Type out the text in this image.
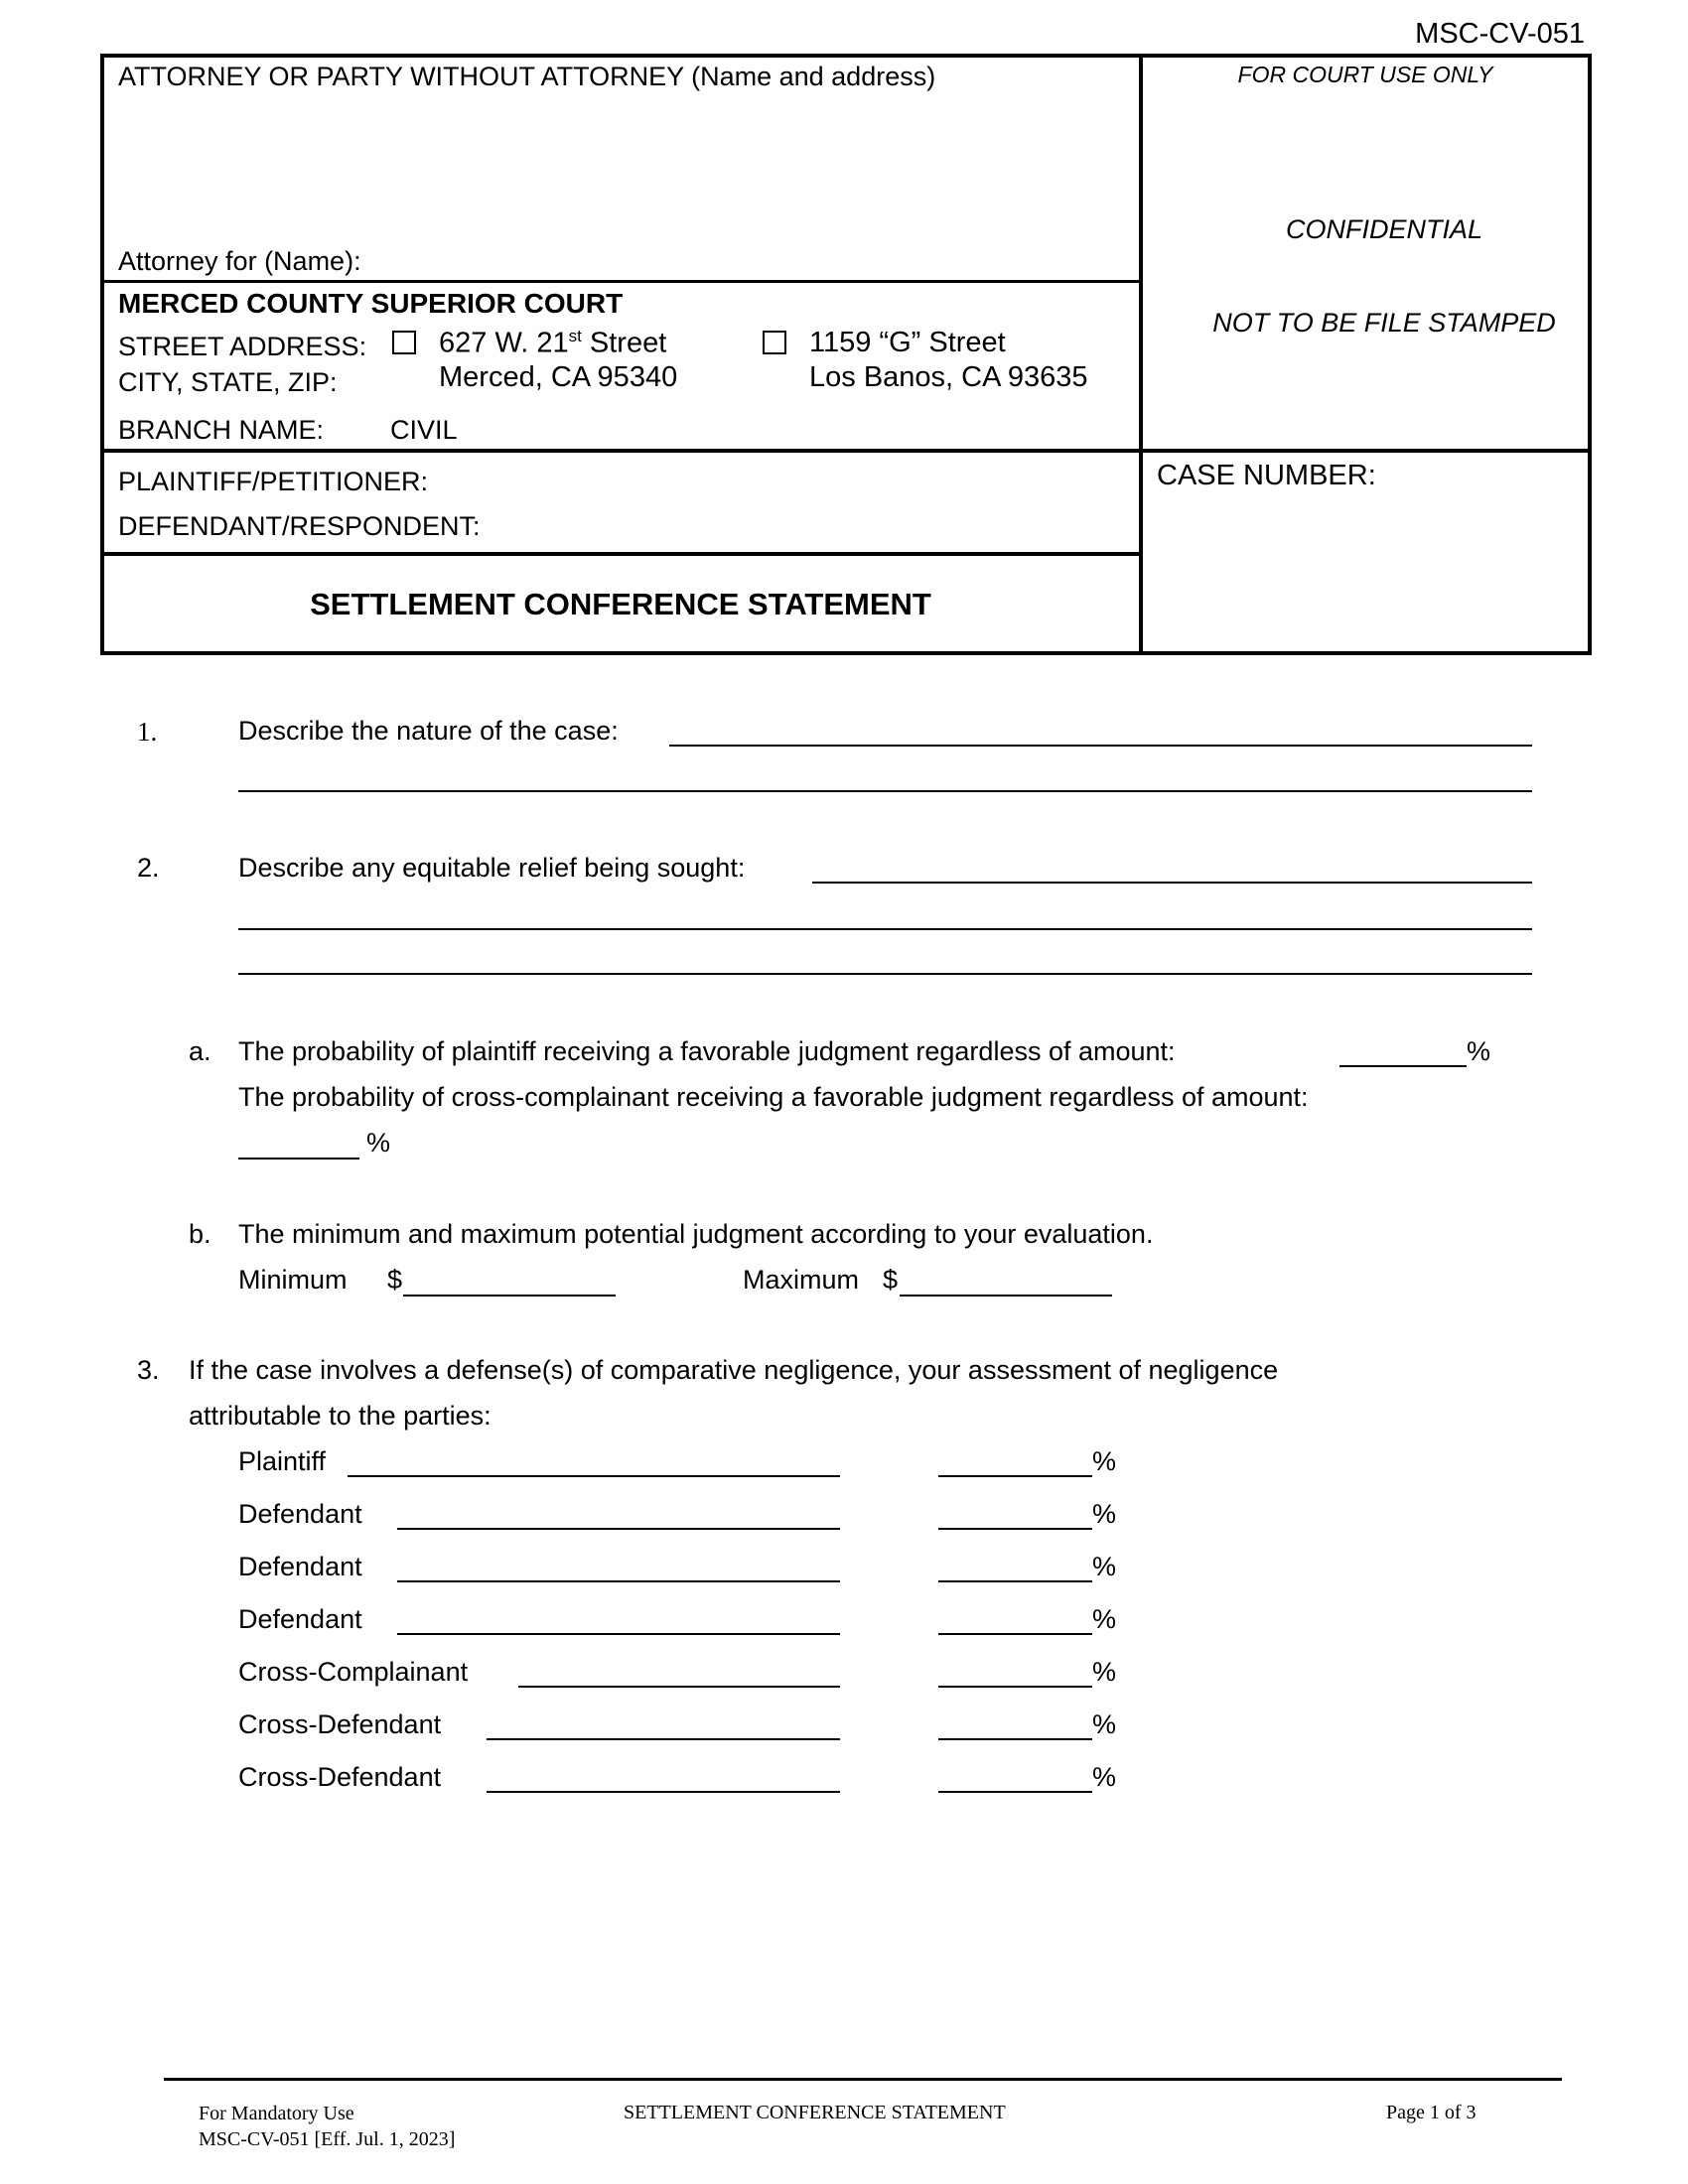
MSC-CV-051
ATTORNEY OR PARTY WITHOUT ATTORNEY (Name and address)
Attorney for (Name):
MERCED COUNTY SUPERIOR COURT
STREET ADDRESS:
CITY, STATE, ZIP:
627 W. 21st Street
Merced, CA 95340
1159 “G” Street
Los Banos, CA 93635
BRANCH NAME: CIVIL
PLAINTIFF/PETITIONER:
DEFENDANT/RESPONDENT:
SETTLEMENT CONFERENCE STATEMENT
FOR COURT USE ONLY
CONFIDENTIAL
NOT TO BE FILE STAMPED
CASE NUMBER:
1.	Describe the nature of the case:
2.	Describe any equitable relief being sought:
a. The probability of plaintiff receiving a favorable judgment regardless of amount:	%
The probability of cross-complainant receiving a favorable judgment regardless of amount:
%
b. The minimum and maximum potential judgment according to your evaluation.
Minimum $	Maximum $
3. If the case involves a defense(s) of comparative negligence, your assessment of negligence
attributable to the parties:
Plaintiff	%
Defendant	%
Defendant	%
Defendant	%
Cross-Complainant	%
Cross-Defendant	%
Cross-Defendant	%
For Mandatory Use
MSC-CV-051 [Eff. Jul. 1, 2023]
SETTLEMENT CONFERENCE STATEMENT	Page 1 of 3
